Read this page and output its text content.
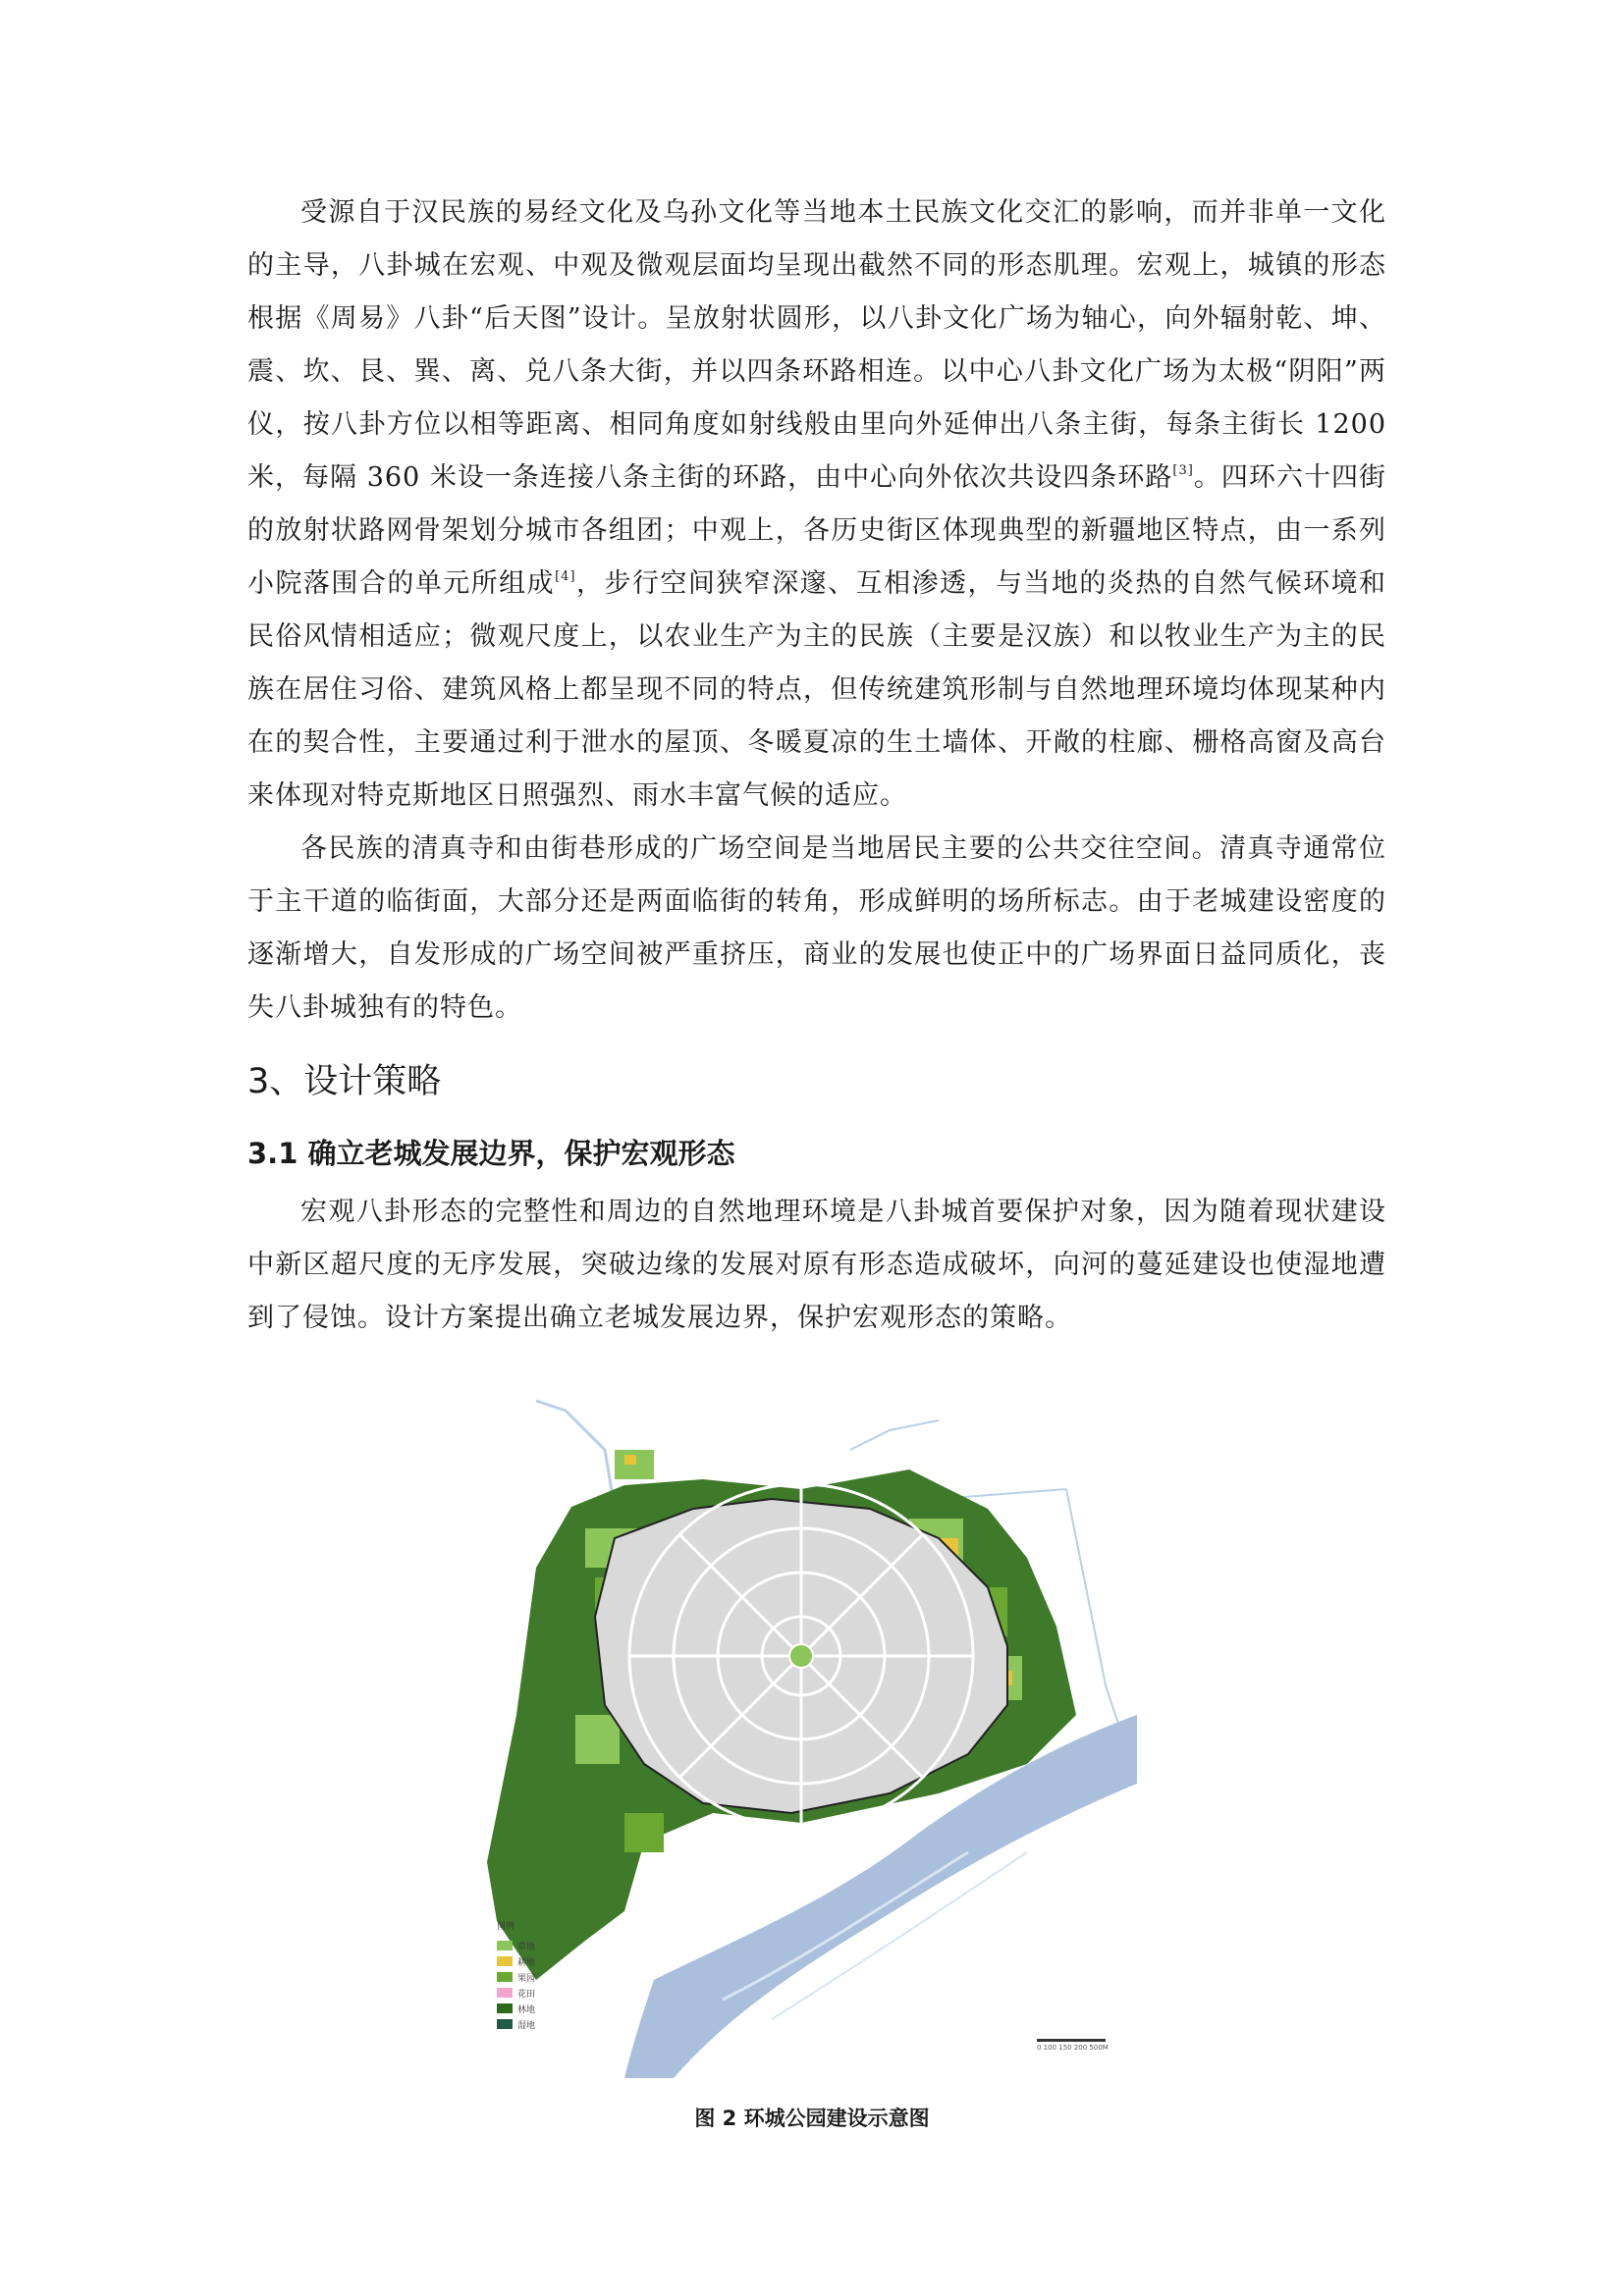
受源自于汉民族的易经文化及乌孙文化等当地本土民族文化交汇的影响，而并非单一文化的主导，八卦城在宏观、中观及微观层面均呈现出截然不同的形态肌理。宏观上，城镇的形态根据《周易》八卦“后天图”设计。呈放射状圆形，以八卦文化广场为轴心，向外辐射乾、坤、震、坎、艮、巽、离、兑八条大街，并以四条环路相连。以中心八卦文化广场为太极“阴阳”两仪，按八卦方位以相等距离、相同角度如射线般由里向外延伸出八条主街，每条主街长 1200 米，每隔 360 米设一条连接八条主街的环路，由中心向外依次共设四条环路[3]。四环六十四街的放射状路网骨架划分城市各组团；中观上，各历史街区体现典型的新疆地区特点，由一系列小院落围合的单元所组成[4]，步行空间狭窄深邃、互相渗透，与当地的炎热的自然气候环境和民俗风情相适应；微观尺度上，以农业生产为主的民族（主要是汉族）和以牧业生产为主的民族在居住习俗、建筑风格上都呈现不同的特点，但传统建筑形制与自然地理环境均体现某种内在的契合性，主要通过利于泄水的屋顶、冬暖夏凉的生土墙体、开敞的柱廊、栅格高窗及高台来体现对特克斯地区日照强烈、雨水丰富气候的适应。

各民族的清真寺和由街巷形成的广场空间是当地居民主要的公共交往空间。清真寺通常位于主干道的临街面，大部分还是两面临街的转角，形成鲜明的场所标志。由于老城建设密度的逐渐增大，自发形成的广场空间被严重挤压，商业的发展也使正中的广场界面日益同质化，丧失八卦城独有的特色。

3、设计策略
3.1 确立老城发展边界，保护宏观形态

宏观八卦形态的完整性和周边的自然地理环境是八卦城首要保护对象，因为随着现状建设中新区超尺度的无序发展，突破边缘的发展对原有形态造成破坏，向河的蔓延建设也使湿地遭到了侵蚀。设计方案提出确立老城发展边界，保护宏观形态的策略。

图例
草地
耕地
果园
花田
林地
湿地
0 100 150 200 500M
图 2 环城公园建设示意图
